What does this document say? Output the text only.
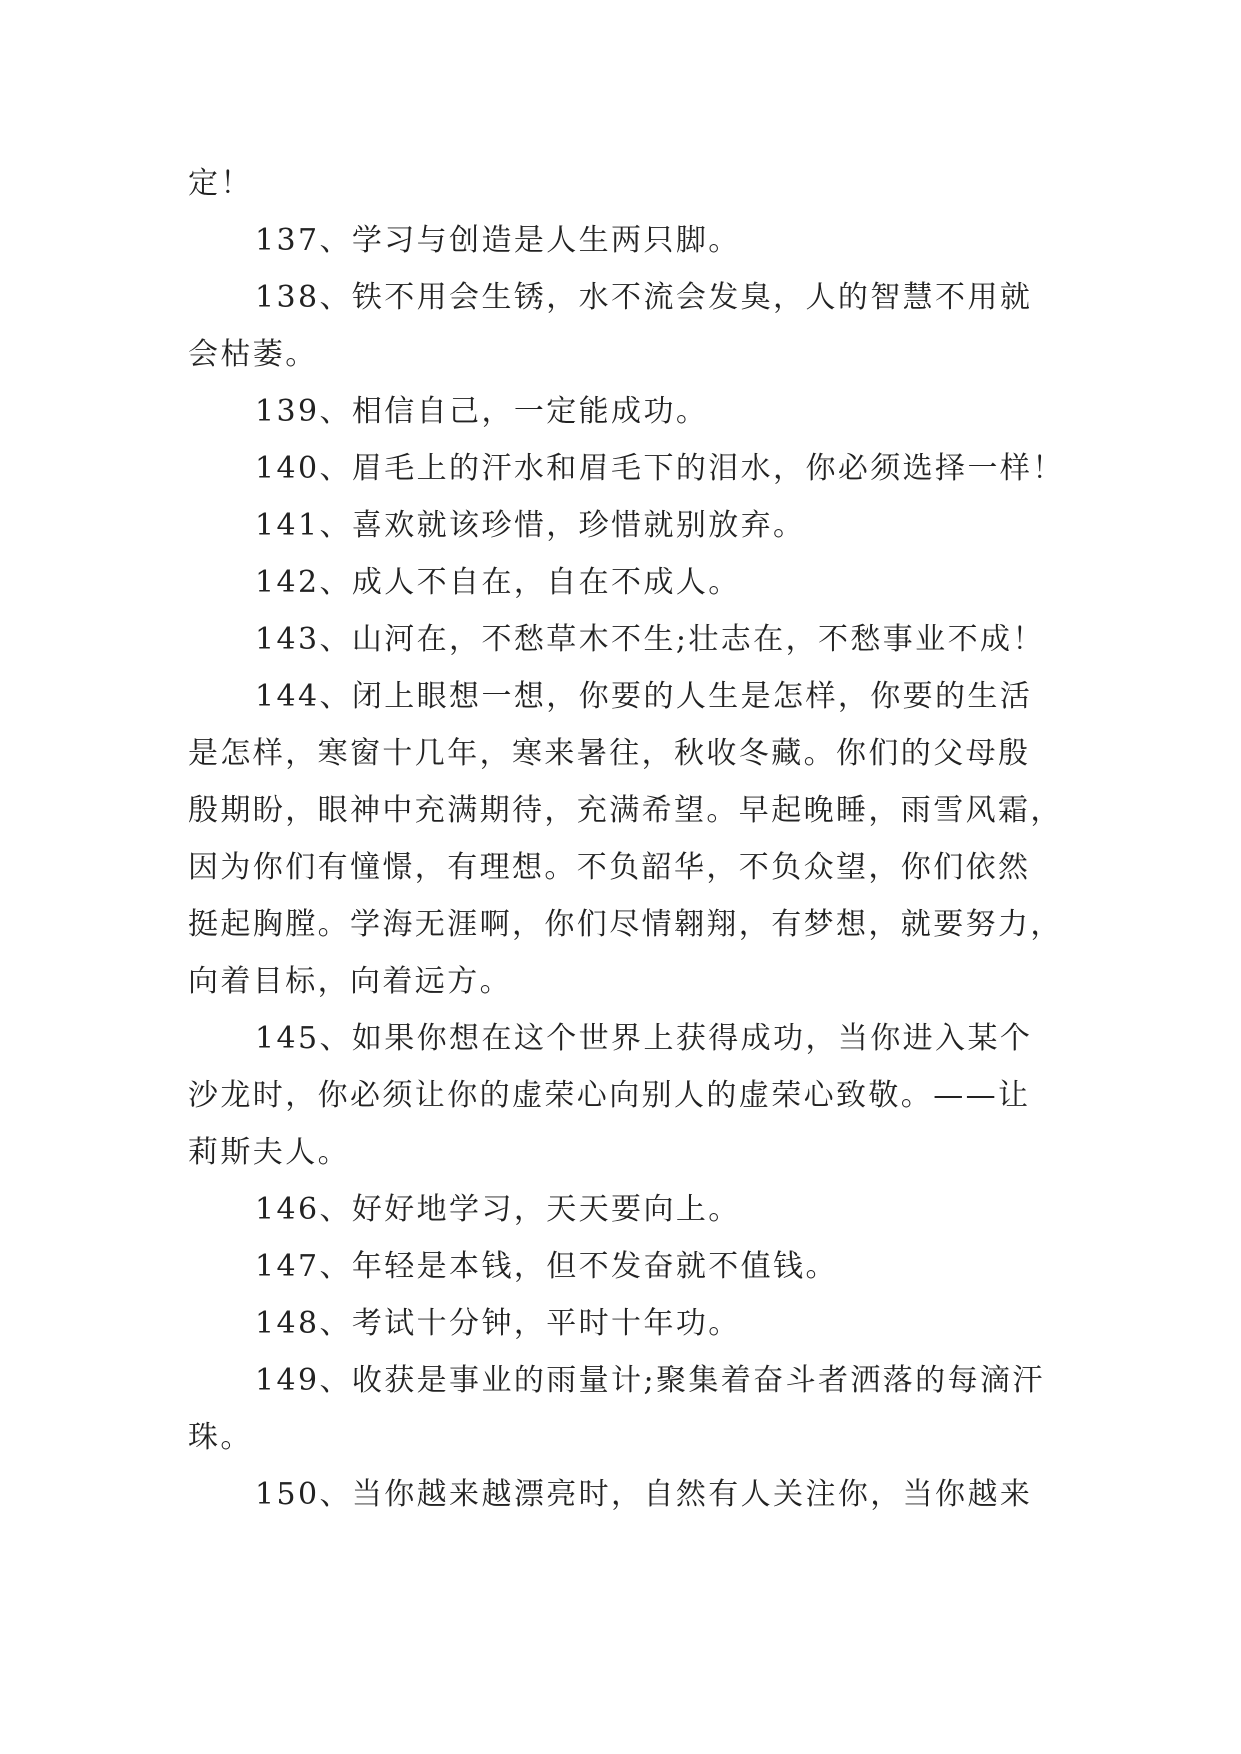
定！
137、学习与创造是人生两只脚。
138、铁不用会生锈，水不流会发臭，人的智慧不用就
会枯萎。
139、相信自己，一定能成功。
140、眉毛上的汗水和眉毛下的泪水，你必须选择一样！
141、喜欢就该珍惜，珍惜就别放弃。
142、成人不自在，自在不成人。
143、山河在，不愁草木不生;壮志在，不愁事业不成！
144、闭上眼想一想，你要的人生是怎样，你要的生活
是怎样，寒窗十几年，寒来暑往，秋收冬藏。你们的父母殷
殷期盼，眼神中充满期待，充满希望。早起晚睡，雨雪风霜，
因为你们有憧憬，有理想。不负韶华，不负众望，你们依然
挺起胸膛。学海无涯啊，你们尽情翱翔，有梦想，就要努力，
向着目标，向着远方。
145、如果你想在这个世界上获得成功，当你进入某个
沙龙时，你必须让你的虚荣心向别人的虚荣心致敬。——让
莉斯夫人。
146、好好地学习，天天要向上。
147、年轻是本钱，但不发奋就不值钱。
148、考试十分钟，平时十年功。
149、收获是事业的雨量计;聚集着奋斗者洒落的每滴汗
珠。
150、当你越来越漂亮时，自然有人关注你，当你越来
